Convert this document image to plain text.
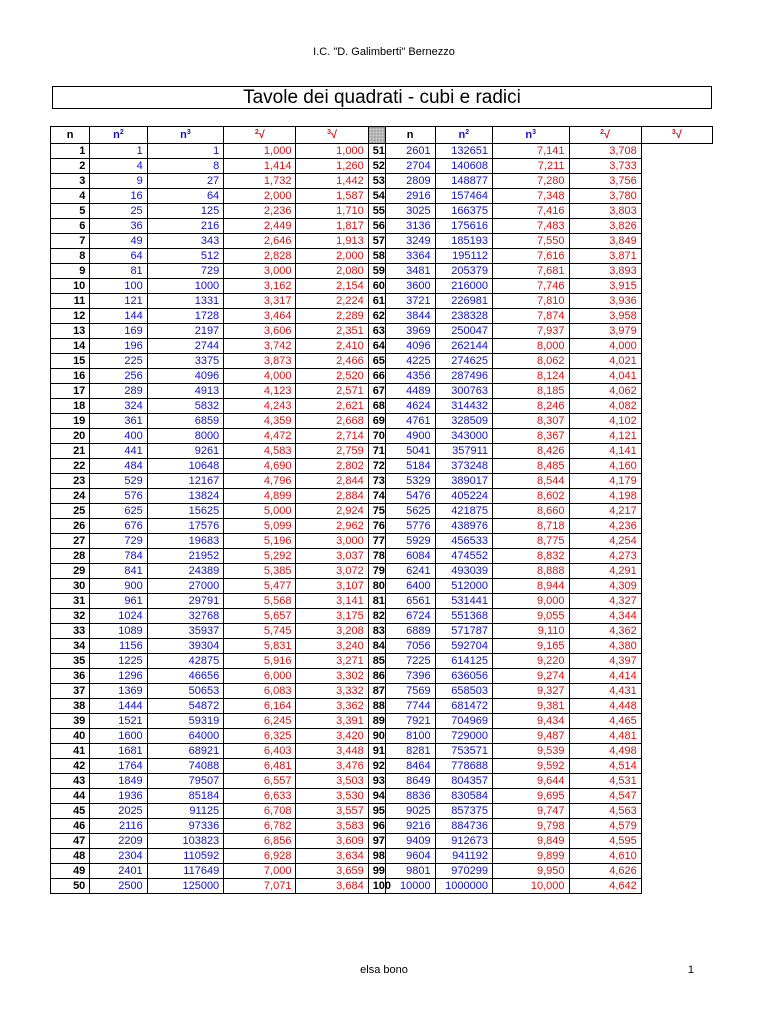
I.C. "D. Galimberti" Bernezzo
Tavole dei quadrati - cubi e radici
n	$n^2$	$n^3$	$^2$√	$^3$√		n	$n^2$	$n^3$	$^2$√	$^3$√
1	1	1	1,000	1,000	51	2601	132651	7,141	3,708	
2	4	8	1,414	1,260	52	2704	140608	7,211	3,733	
3	9	27	1,732	1,442	53	2809	148877	7,280	3,756	
4	16	64	2,000	1,587	54	2916	157464	7,348	3,780	
5	25	125	2,236	1,710	55	3025	166375	7,416	3,803	
6	36	216	2,449	1,817	56	3136	175616	7,483	3,826	
7	49	343	2,646	1,913	57	3249	185193	7,550	3,849	
8	64	512	2,828	2,000	58	3364	195112	7,616	3,871	
9	81	729	3,000	2,080	59	3481	205379	7,681	3,893	
10	100	1000	3,162	2,154	60	3600	216000	7,746	3,915	
11	121	1331	3,317	2,224	61	3721	226981	7,810	3,936	
12	144	1728	3,464	2,289	62	3844	238328	7,874	3,958	
13	169	2197	3,606	2,351	63	3969	250047	7,937	3,979	
14	196	2744	3,742	2,410	64	4096	262144	8,000	4,000	
15	225	3375	3,873	2,466	65	4225	274625	8,062	4,021	
16	256	4096	4,000	2,520	66	4356	287496	8,124	4,041	
17	289	4913	4,123	2,571	67	4489	300763	8,185	4,062	
18	324	5832	4,243	2,621	68	4624	314432	8,246	4,082	
19	361	6859	4,359	2,668	69	4761	328509	8,307	4,102	
20	400	8000	4,472	2,714	70	4900	343000	8,367	4,121	
21	441	9261	4,583	2,759	71	5041	357911	8,426	4,141	
22	484	10648	4,690	2,802	72	5184	373248	8,485	4,160	
23	529	12167	4,796	2,844	73	5329	389017	8,544	4,179	
24	576	13824	4,899	2,884	74	5476	405224	8,602	4,198	
25	625	15625	5,000	2,924	75	5625	421875	8,660	4,217	
26	676	17576	5,099	2,962	76	5776	438976	8,718	4,236	
27	729	19683	5,196	3,000	77	5929	456533	8,775	4,254	
28	784	21952	5,292	3,037	78	6084	474552	8,832	4,273	
29	841	24389	5,385	3,072	79	6241	493039	8,888	4,291	
30	900	27000	5,477	3,107	80	6400	512000	8,944	4,309	
31	961	29791	5,568	3,141	81	6561	531441	9,000	4,327	
32	1024	32768	5,657	3,175	82	6724	551368	9,055	4,344	
33	1089	35937	5,745	3,208	83	6889	571787	9,110	4,362	
34	1156	39304	5,831	3,240	84	7056	592704	9,165	4,380	
35	1225	42875	5,916	3,271	85	7225	614125	9,220	4,397	
36	1296	46656	6,000	3,302	86	7396	636056	9,274	4,414	
37	1369	50653	6,083	3,332	87	7569	658503	9,327	4,431	
38	1444	54872	6,164	3,362	88	7744	681472	9,381	4,448	
39	1521	59319	6,245	3,391	89	7921	704969	9,434	4,465	
40	1600	64000	6,325	3,420	90	8100	729000	9,487	4,481	
41	1681	68921	6,403	3,448	91	8281	753571	9,539	4,498	
42	1764	74088	6,481	3,476	92	8464	778688	9,592	4,514	
43	1849	79507	6,557	3,503	93	8649	804357	9,644	4,531	
44	1936	85184	6,633	3,530	94	8836	830584	9,695	4,547	
45	2025	91125	6,708	3,557	95	9025	857375	9,747	4,563	
46	2116	97336	6,782	3,583	96	9216	884736	9,798	4,579	
47	2209	103823	6,856	3,609	97	9409	912673	9,849	4,595	
48	2304	110592	6,928	3,634	98	9604	941192	9,899	4,610	
49	2401	117649	7,000	3,659	99	9801	970299	9,950	4,626	
50	2500	125000	7,071	3,684	100	10000	1000000	10,000	4,642	
elsa bono	1
